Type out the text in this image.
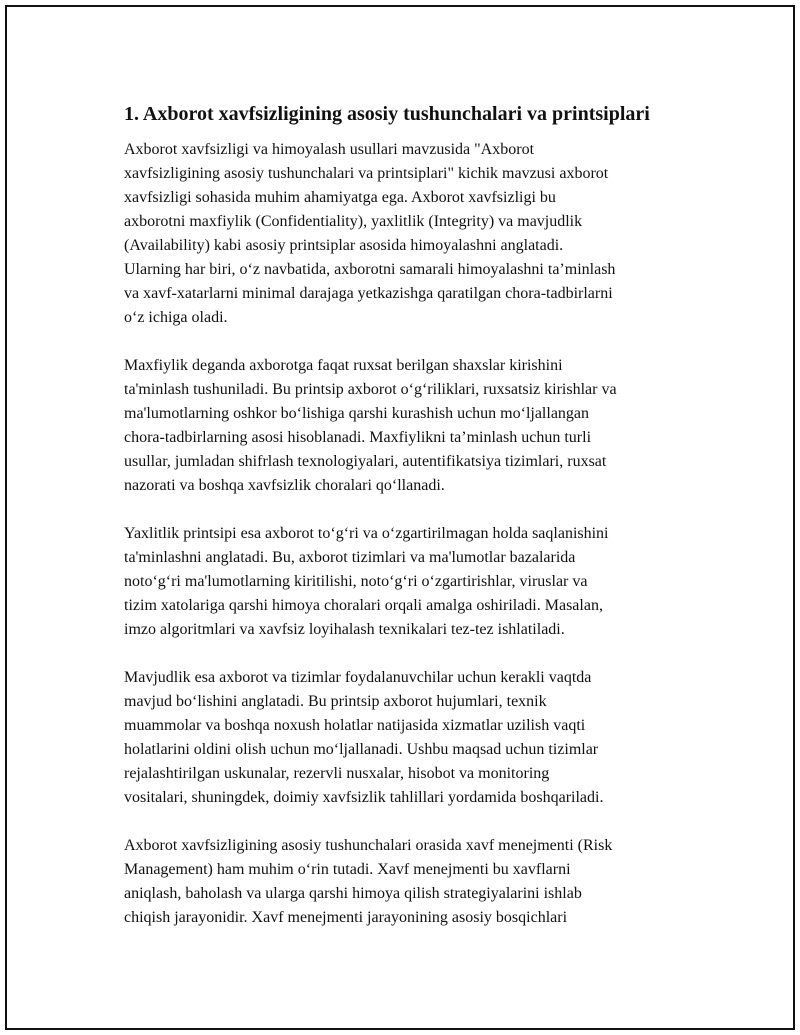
1. Axborot xavfsizligining asosiy tushunchalari va printsiplari

Axborot xavfsizligi va himoyalash usullari mavzusida "Axborot
xavfsizligining asosiy tushunchalari va printsiplari" kichik mavzusi axborot
xavfsizligi sohasida muhim ahamiyatga ega. Axborot xavfsizligi bu
axborotni maxfiylik (Confidentiality), yaxlitlik (Integrity) va mavjudlik
(Availability) kabi asosiy printsiplar asosida himoyalashni anglatadi.
Ularning har biri, o‘z navbatida, axborotni samarali himoyalashni ta’minlash
va xavf-xatarlarni minimal darajaga yetkazishga qaratilgan chora-tadbirlarni
o‘z ichiga oladi.

Maxfiylik deganda axborotga faqat ruxsat berilgan shaxslar kirishini
ta'minlash tushuniladi. Bu printsip axborot o‘g‘riliklari, ruxsatsiz kirishlar va
ma'lumotlarning oshkor bo‘lishiga qarshi kurashish uchun mo‘ljallangan
chora-tadbirlarning asosi hisoblanadi. Maxfiylikni ta’minlash uchun turli
usullar, jumladan shifrlash texnologiyalari, autentifikatsiya tizimlari, ruxsat
nazorati va boshqa xavfsizlik choralari qo‘llanadi.

Yaxlitlik printsipi esa axborot to‘g‘ri va o‘zgartirilmagan holda saqlanishini
ta'minlashni anglatadi. Bu, axborot tizimlari va ma'lumotlar bazalarida
noto‘g‘ri ma'lumotlarning kiritilishi, noto‘g‘ri o‘zgartirishlar, viruslar va
tizim xatolariga qarshi himoya choralari orqali amalga oshiriladi. Masalan,
imzo algoritmlari va xavfsiz loyihalash texnikalari tez-tez ishlatiladi.

Mavjudlik esa axborot va tizimlar foydalanuvchilar uchun kerakli vaqtda
mavjud bo‘lishini anglatadi. Bu printsip axborot hujumlari, texnik
muammolar va boshqa noxush holatlar natijasida xizmatlar uzilish vaqti
holatlarini oldini olish uchun mo‘ljallanadi. Ushbu maqsad uchun tizimlar
rejalashtirilgan uskunalar, rezervli nusxalar, hisobot va monitoring
vositalari, shuningdek, doimiy xavfsizlik tahlillari yordamida boshqariladi.

Axborot xavfsizligining asosiy tushunchalari orasida xavf menejmenti (Risk
Management) ham muhim o‘rin tutadi. Xavf menejmenti bu xavflarni
aniqlash, baholash va ularga qarshi himoya qilish strategiyalarini ishlab
chiqish jarayonidir. Xavf menejmenti jarayonining asosiy bosqichlari
